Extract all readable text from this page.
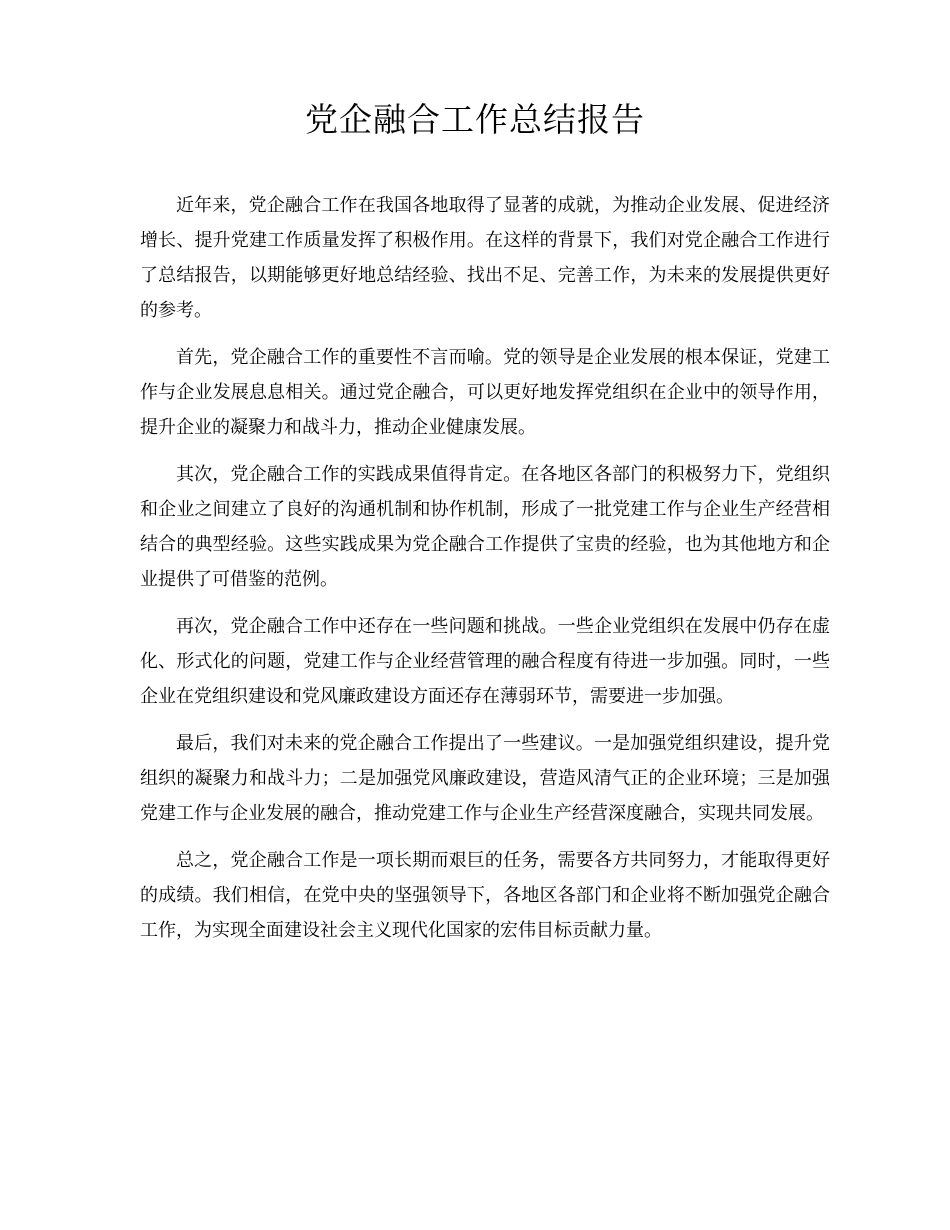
党企融合工作总结报告

近年来，党企融合工作在我国各地取得了显著的成就，为推动企业发展、促进经济增长、提升党建工作质量发挥了积极作用。在这样的背景下，我们对党企融合工作进行了总结报告，以期能够更好地总结经验、找出不足、完善工作，为未来的发展提供更好的参考。

首先，党企融合工作的重要性不言而喻。党的领导是企业发展的根本保证，党建工作与企业发展息息相关。通过党企融合，可以更好地发挥党组织在企业中的领导作用，提升企业的凝聚力和战斗力，推动企业健康发展。

其次，党企融合工作的实践成果值得肯定。在各地区各部门的积极努力下，党组织和企业之间建立了良好的沟通机制和协作机制，形成了一批党建工作与企业生产经营相结合的典型经验。这些实践成果为党企融合工作提供了宝贵的经验，也为其他地方和企业提供了可借鉴的范例。

再次，党企融合工作中还存在一些问题和挑战。一些企业党组织在发展中仍存在虚化、形式化的问题，党建工作与企业经营管理的融合程度有待进一步加强。同时，一些企业在党组织建设和党风廉政建设方面还存在薄弱环节，需要进一步加强。

最后，我们对未来的党企融合工作提出了一些建议。一是加强党组织建设，提升党组织的凝聚力和战斗力；二是加强党风廉政建设，营造风清气正的企业环境；三是加强党建工作与企业发展的融合，推动党建工作与企业生产经营深度融合，实现共同发展。

总之，党企融合工作是一项长期而艰巨的任务，需要各方共同努力，才能取得更好的成绩。我们相信，在党中央的坚强领导下，各地区各部门和企业将不断加强党企融合工作，为实现全面建设社会主义现代化国家的宏伟目标贡献力量。
